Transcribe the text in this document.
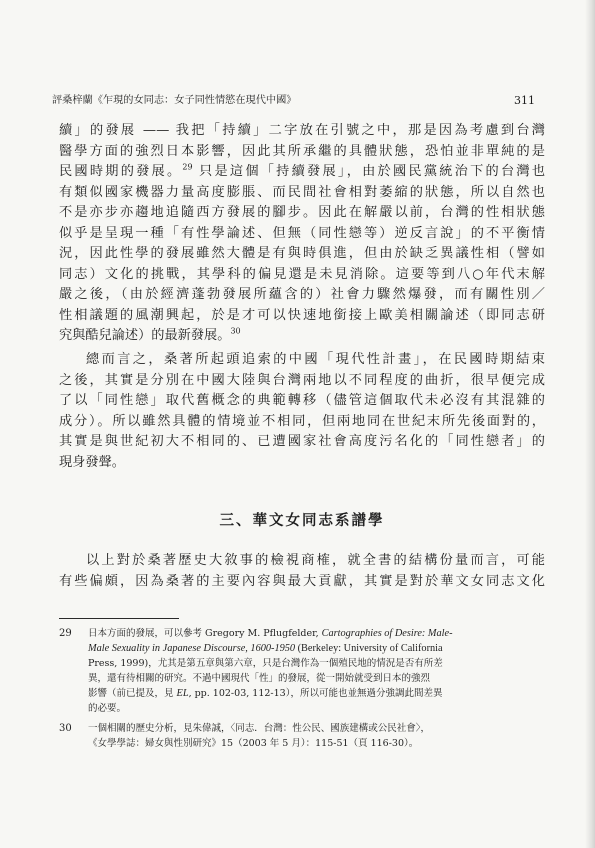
評桑梓蘭《乍現的女同志：女子同性情慾在現代中國》	311
續」的發展 —— 我把「持續」二字放在引號之中，那是因為考慮到台灣
醫學方面的強烈日本影響，因此其所承繼的具體狀態，恐怕並非單純的是
民國時期的發展。$^{29}$ 只是這個「持續發展」，由於國民黨統治下的台灣也
有類似國家機器力量高度膨脹、而民間社會相對萎縮的狀態，所以自然也
不是亦步亦趨地追隨西方發展的腳步。因此在解嚴以前，台灣的性相狀態
似乎是呈現一種「有性學論述、但無（同性戀等）逆反言說」的不平衡情
況，因此性學的發展雖然大體是有與時俱進，但由於缺乏異議性相（譬如
同志）文化的挑戰，其學科的偏見還是未見消除。這要等到八○年代末解
嚴之後，（由於經濟蓬勃發展所蘊含的）社會力驟然爆發，而有關性別／
性相議題的風潮興起，於是才可以快速地銜接上歐美相關論述（即同志研
究與酷兒論述）的最新發展。$^{30}$
總而言之，桑著所起頭追索的中國「現代性計畫」，在民國時期結束
之後，其實是分別在中國大陸與台灣兩地以不同程度的曲折，很早便完成
了以「同性戀」取代舊概念的典範轉移（儘管這個取代未必沒有其混雜的
成分）。所以雖然具體的情境並不相同，但兩地同在世紀末所先後面對的，
其實是與世紀初大不相同的、已遭國家社會高度污名化的「同性戀者」的
現身發聲。
三、華文女同志系譜學
以上對於桑著歷史大敘事的檢視商榷，就全書的結構份量而言，可能
有些偏頗，因為桑著的主要內容與最大貢獻，其實是對於華文女同志文化
29 日本方面的發展，可以參考 Gregory M. Pflugfelder, Cartographies of Desire: Male-
Male Sexuality in Japanese Discourse, 1600-1950 (Berkeley: University of California
Press, 1999)，尤其是第五章與第六章，只是台灣作為一個殖民地的情況是否有所差
異，還有待相關的研究。不過中國現代「性」的發展，從一開始就受到日本的強烈
影響（前已提及，見 EL, pp. 102-03, 112-13），所以可能也並無過分強調此間差異
的必要。
30 一個相關的歷史分析，見朱偉誠，〈同志．台灣：性公民、國族建構或公民社會〉，
《女學學誌：婦女與性別研究》15（2003 年 5 月）：115-51（頁 116-30）。
